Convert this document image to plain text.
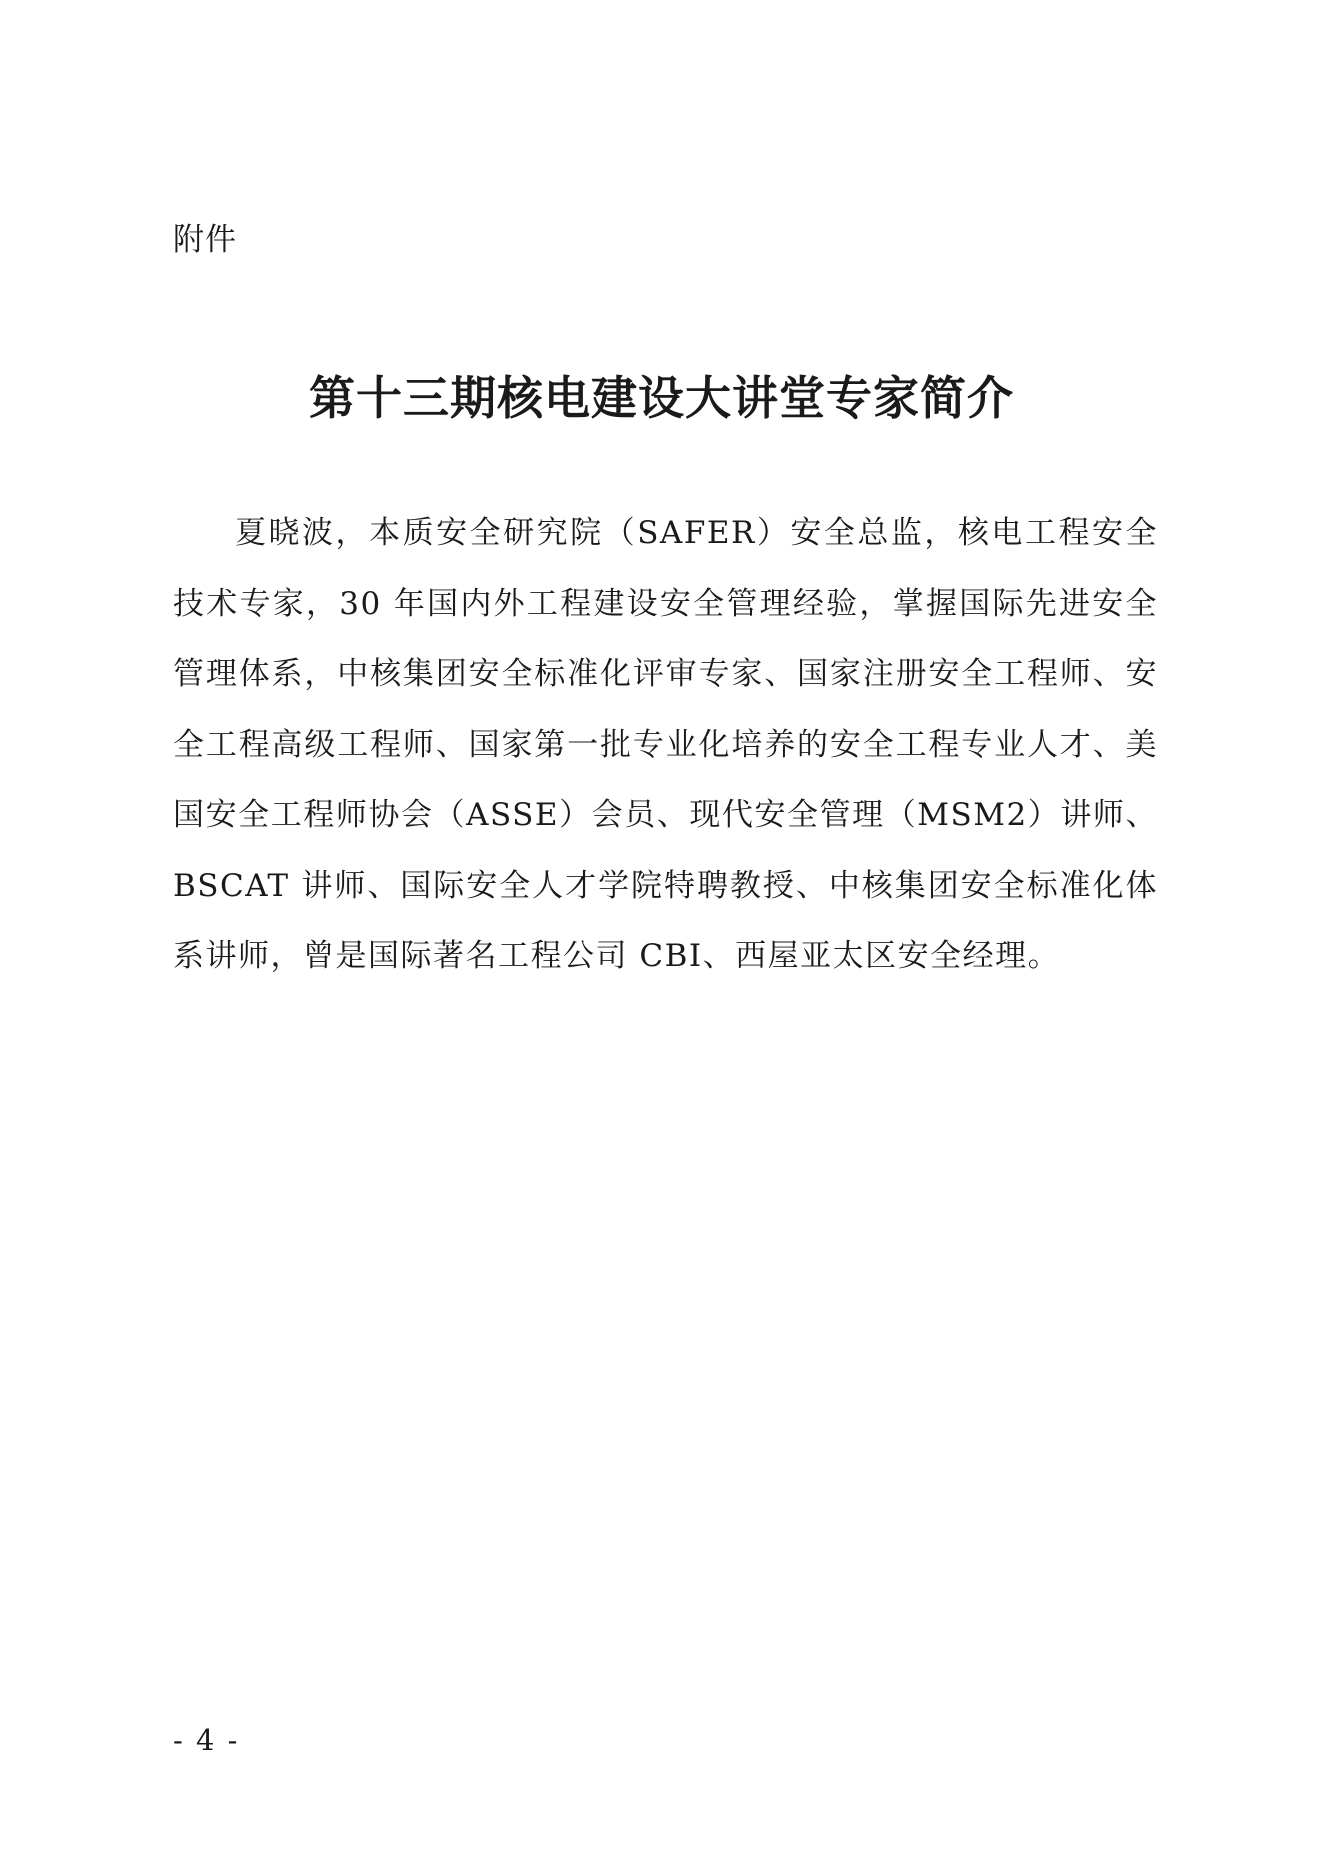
附件
第十三期核电建设大讲堂专家简介

夏晓波，本质安全研究院（SAFER）安全总监，核电工程安全技术专家，30 年国内外工程建设安全管理经验，掌握国际先进安全管理体系，中核集团安全标准化评审专家、国家注册安全工程师、安全工程高级工程师、国家第一批专业化培养的安全工程专业人才、美国安全工程师协会（ASSE）会员、现代安全管理（MSM2）讲师、BSCAT 讲师、国际安全人才学院特聘教授、中核集团安全标准化体系讲师，曾是国际著名工程公司 CBI、西屋亚太区安全经理。

- 4 -
